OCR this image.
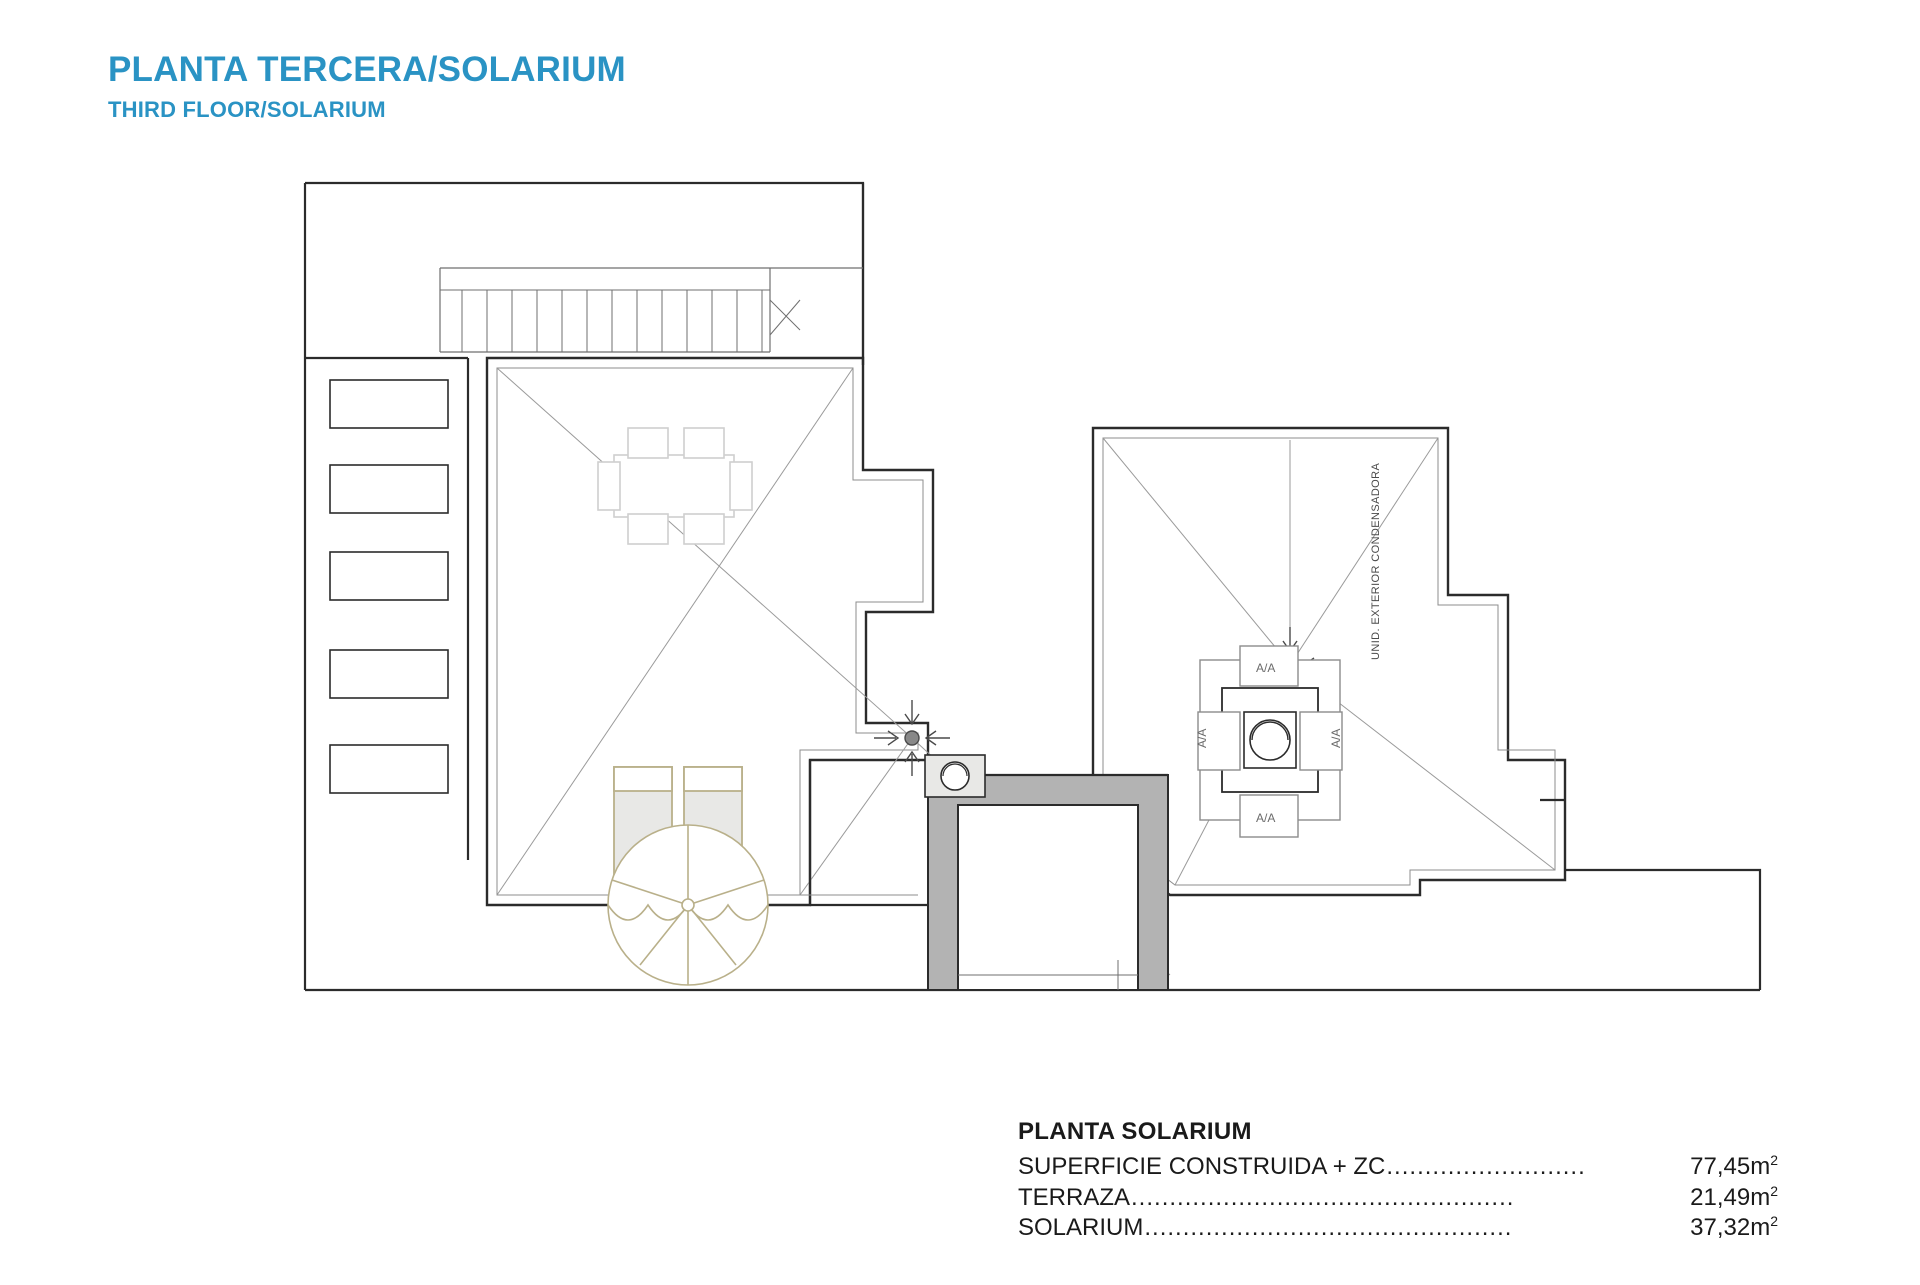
PLANTA TERCERA/SOLARIUM
THIRD FLOOR/SOLARIUM
A/A
A/A	A/A
A/A
UNID. EXTERIOR CONDENSADORA
PLANTA SOLARIUM
SUPERFICIE CONSTRUIDA + ZC ..........................	$77,45m^2$
TERRAZA ..................................................	$21,49m^2$
SOLARIUM ................................................	$37,32m^2$
